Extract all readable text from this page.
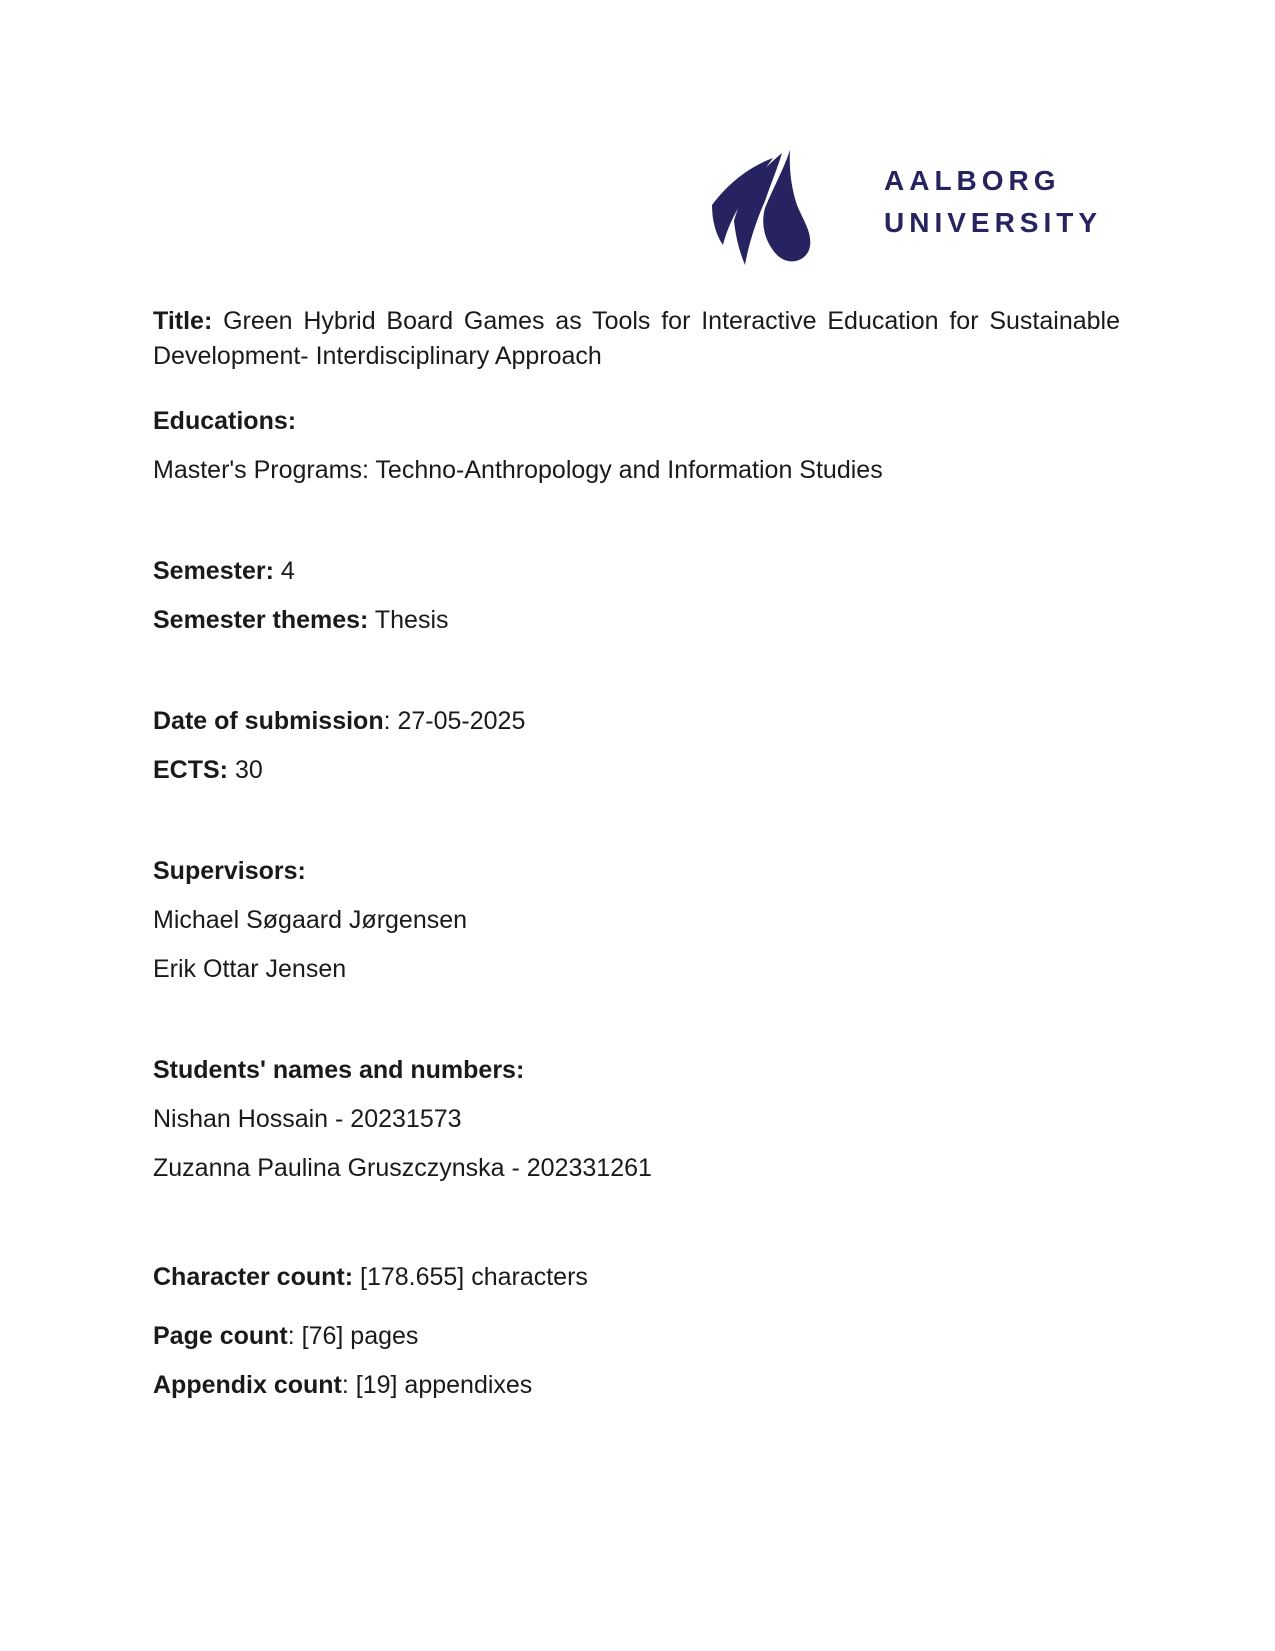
AALBORG
UNIVERSITY

Title: Green Hybrid Board Games as Tools for Interactive Education for Sustainable

Development- Interdisciplinary Approach

Educations:

Master's Programs: Techno-Anthropology and Information Studies

Semester: 4

Semester themes: Thesis

Date of submission: 27-05-2025

ECTS: 30

Supervisors:

Michael Søgaard Jørgensen

Erik Ottar Jensen

Students' names and numbers:

Nishan Hossain - 20231573

Zuzanna Paulina Gruszczynska - 202331261

Character count: [178.655] characters

Page count: [76] pages

Appendix count: [19] appendixes
